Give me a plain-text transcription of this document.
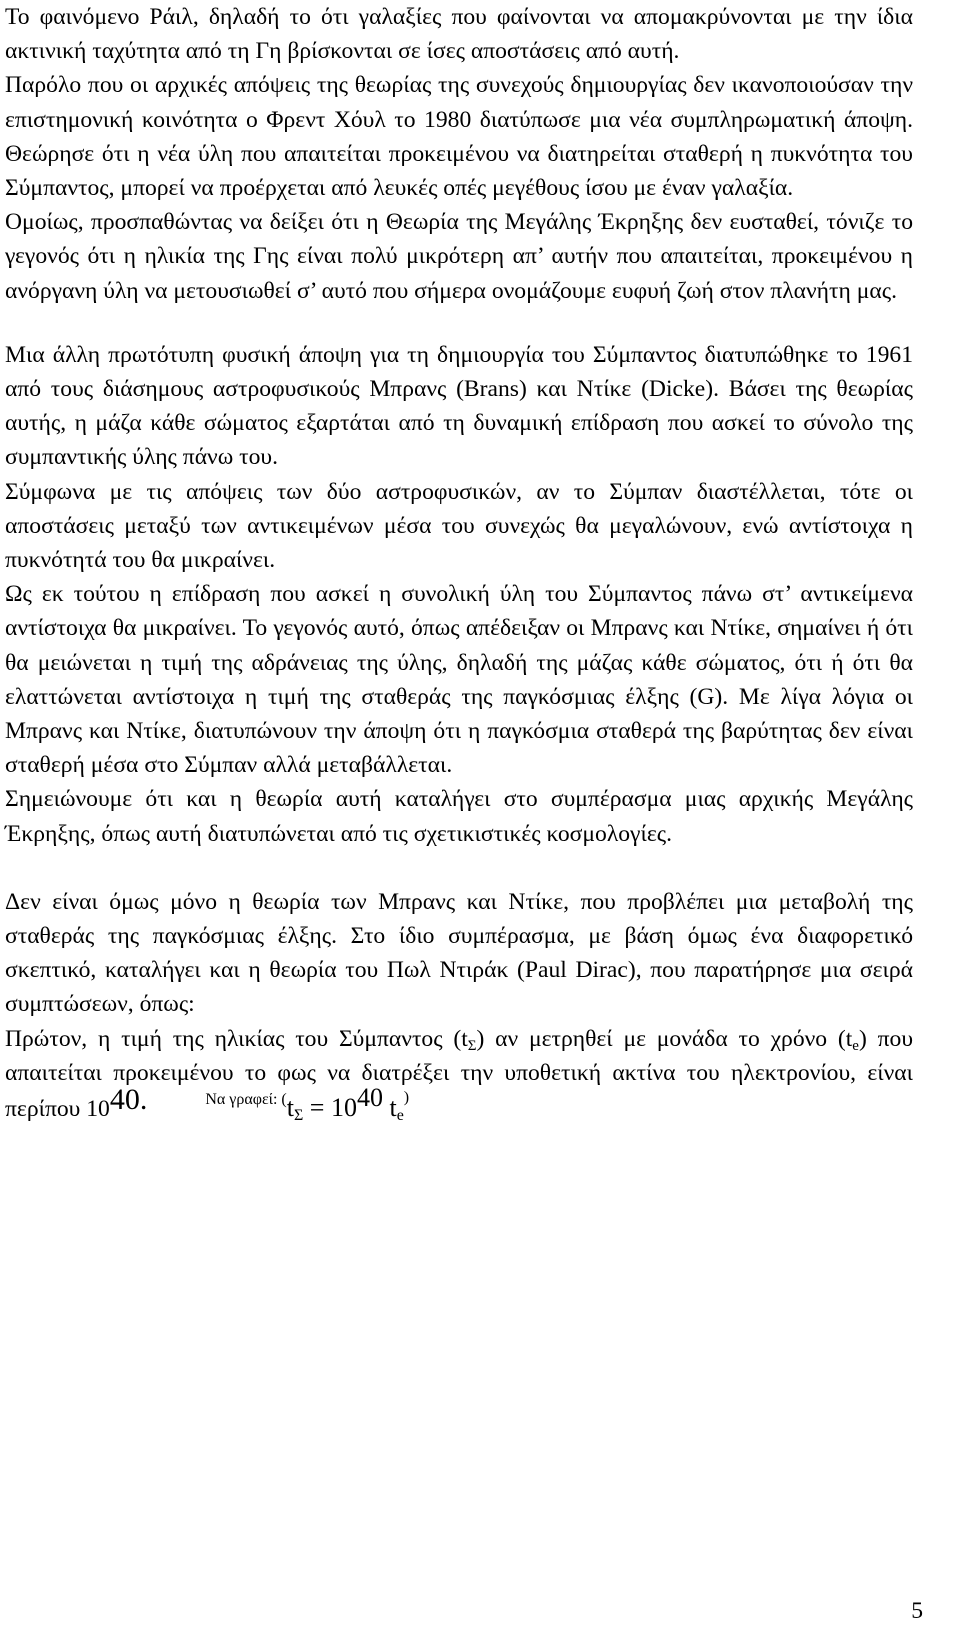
Το φαινόμενο Ράιλ, δηλαδή το ότι γαλαξίες που φαίνονται να απομακρύνονται με την ίδια ακτινική ταχύτητα από τη Γη βρίσκονται σε ίσες αποστάσεις από αυτή.

Παρόλο που οι αρχικές απόψεις της θεωρίας της συνεχούς δημιουργίας δεν ικανοποιούσαν την επιστημονική κοινότητα ο Φρεντ Χόυλ το 1980 διατύπωσε μια νέα συμπληρωματική άποψη. Θεώρησε ότι η νέα ύλη που απαιτείται προκειμένου να διατηρείται σταθερή η πυκνότητα του Σύμπαντος, μπορεί να προέρχεται από λευκές οπές μεγέθους ίσου με έναν γαλαξία.

Ομοίως, προσπαθώντας να δείξει ότι η Θεωρία της Μεγάλης Έκρηξης δεν ευσταθεί, τόνιζε το γεγονός ότι η ηλικία της Γης είναι πολύ μικρότερη απ’ αυτήν που απαιτείται, προκειμένου η ανόργανη ύλη να μετουσιωθεί σ’ αυτό που σήμερα ονομάζουμε ευφυή ζωή στον πλανήτη μας.

Μια άλλη πρωτότυπη φυσική άποψη για τη δημιουργία του Σύμπαντος διατυπώθηκε το 1961 από τους διάσημους αστροφυσικούς Μπρανς (Brans) και Ντίκε (Dicke). Βάσει της θεωρίας αυτής, η μάζα κάθε σώματος εξαρτάται από τη δυναμική επίδραση που ασκεί το σύνολο της συμπαντικής ύλης πάνω του.

Σύμφωνα με τις απόψεις των δύο αστροφυσικών, αν το Σύμπαν διαστέλλεται, τότε οι αποστάσεις μεταξύ των αντικειμένων μέσα του συνεχώς θα μεγαλώνουν, ενώ αντίστοιχα η πυκνότητά του θα μικραίνει.

Ως εκ τούτου η επίδραση που ασκεί η συνολική ύλη του Σύμπαντος πάνω στ’ αντικείμενα αντίστοιχα θα μικραίνει. Το γεγονός αυτό, όπως απέδειξαν οι Μπρανς και Ντίκε, σημαίνει ή ότι θα μειώνεται η τιμή της αδράνειας της ύλης, δηλαδή της μάζας κάθε σώματος, ότι ή ότι θα ελαττώνεται αντίστοιχα η τιμή της σταθεράς της παγκόσμιας έλξης (G). Με λίγα λόγια οι Μπρανς και Ντίκε, διατυπώνουν την άποψη ότι η παγκόσμια σταθερά της βαρύτητας δεν είναι σταθερή μέσα στο Σύμπαν αλλά μεταβάλλεται.

Σημειώνουμε ότι και η θεωρία αυτή καταλήγει στο συμπέρασμα μιας αρχικής Μεγάλης Έκρηξης, όπως αυτή διατυπώνεται από τις σχετικιστικές κοσμολογίες.

Δεν είναι όμως μόνο η θεωρία των Μπρανς και Ντίκε, που προβλέπει μια μεταβολή της σταθεράς της παγκόσμιας έλξης. Στο ίδιο συμπέρασμα, με βάση όμως ένα διαφορετικό σκεπτικό, καταλήγει και η θεωρία του Πωλ Ντιράκ (Paul Dirac), που παρατήρησε μια σειρά συμπτώσεων, όπως:

Πρώτον, η τιμή της ηλικίας του Σύμπαντος $(t_\Sigma)$ αν μετρηθεί με μονάδα το χρόνο $(t_e)$ που απαιτείται προκειμένου το φως να διατρέξει την υποθετική ακτίνα του ηλεκτρονίου, είναι περίπου 1040.	$^{N\alpha \gamma\rho\alpha\varphi\varepsilon ί: (}$tΣ = 1040 te)

5
